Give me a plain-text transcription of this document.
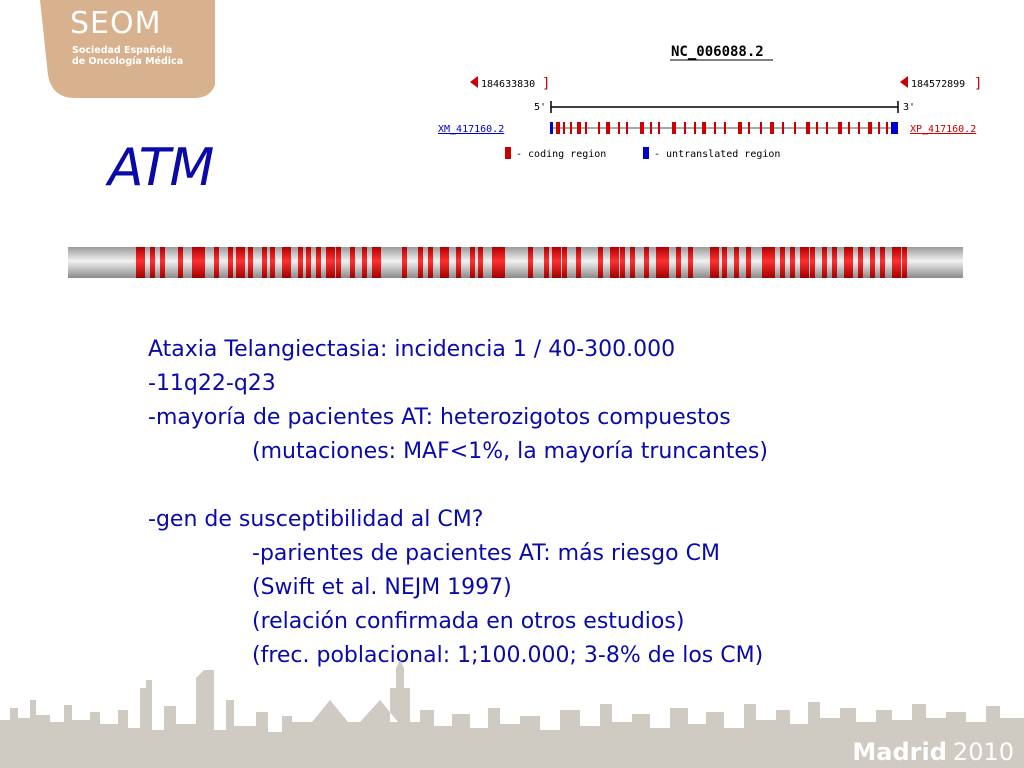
SEOM
Sociedad Española
de Oncología Médica
ATM
NC_006088.2
184633830 ]	184572899 ]
5'	3'
XM_417160.2	XP_417160.2
- coding region	- untranslated region
Ataxia Telangiectasia: incidencia 1 / 40-300.000
-11q22-q23
-mayoría de pacientes AT: heterozigotos compuestos
(mutaciones: MAF<1%, la mayoría truncantes)
-gen de susceptibilidad al CM?
-parientes de pacientes AT: más riesgo CM
(Swift et al. NEJM 1997)
(relación confirmada en otros estudios)
(frec. poblacional: 1;100.000; 3-8% de los CM)
Madrid 2010
